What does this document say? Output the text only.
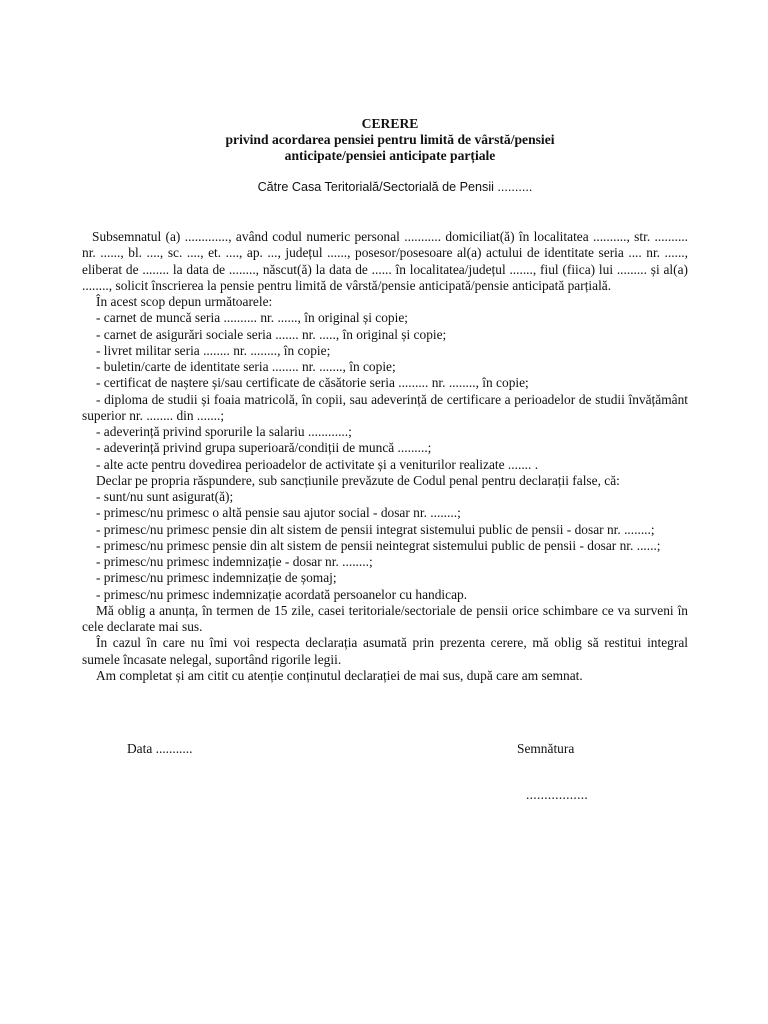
CERERE
privind acordarea pensiei pentru limită de vârstă/pensiei
anticipate/pensiei anticipate parțiale
Către Casa Teritorială/Sectorială de Pensii ..........

Subsemnatul (a) ............., având codul numeric personal ........... domiciliat(ă) în localitatea .........., str. .......... nr. ......, bl. ...., sc. ...., et. ...., ap. ..., județul ......, posesor/posesoare al(a) actului de identitate seria .... nr. ......, eliberat de ........ la data de ........, născut(ă) la data de ...... în localitatea/județul ......., fiul (fiica) lui ......... și al(a) ........, solicit înscrierea la pensie pentru limită de vârstă/pensie anticipată/pensie anticipată parțială.

În acest scop depun următoarele:

- carnet de muncă seria .......... nr. ......, în original și copie;

- carnet de asigurări sociale seria ....... nr. ....., în original și copie;

- livret militar seria ........ nr. ........, în copie;

- buletin/carte de identitate seria ........ nr. ......., în copie;

- certificat de naștere și/sau certificate de căsătorie seria ......... nr. ........, în copie;

- diploma de studii și foaia matricolă, în copii, sau adeverință de certificare a perioadelor de studii învățământ superior nr. ........ din .......;

- adeverință privind sporurile la salariu ............;

- adeverință privind grupa superioară/condiții de muncă .........;

- alte acte pentru dovedirea perioadelor de activitate și a veniturilor realizate ....... .

Declar pe propria răspundere, sub sancțiunile prevăzute de Codul penal pentru declarații false, că:

- sunt/nu sunt asigurat(ă);

- primesc/nu primesc o altă pensie sau ajutor social - dosar nr. ........;

- primesc/nu primesc pensie din alt sistem de pensii integrat sistemului public de pensii - dosar nr. ........;

- primesc/nu primesc pensie din alt sistem de pensii neintegrat sistemului public de pensii - dosar nr. ......;

- primesc/nu primesc indemnizație - dosar nr. ........;

- primesc/nu primesc indemnizație de șomaj;

- primesc/nu primesc indemnizație acordată persoanelor cu handicap.

Mă oblig a anunța, în termen de 15 zile, casei teritoriale/sectoriale de pensii orice schimbare ce va surveni în cele declarate mai sus.

În cazul în care nu îmi voi respecta declarația asumată prin prezenta cerere, mă oblig să restitui integral sumele încasate nelegal, suportând rigorile legii.

Am completat și am citit cu atenție conținutul declarației de mai sus, după care am semnat.

Data ...........	Semnătura
.................
